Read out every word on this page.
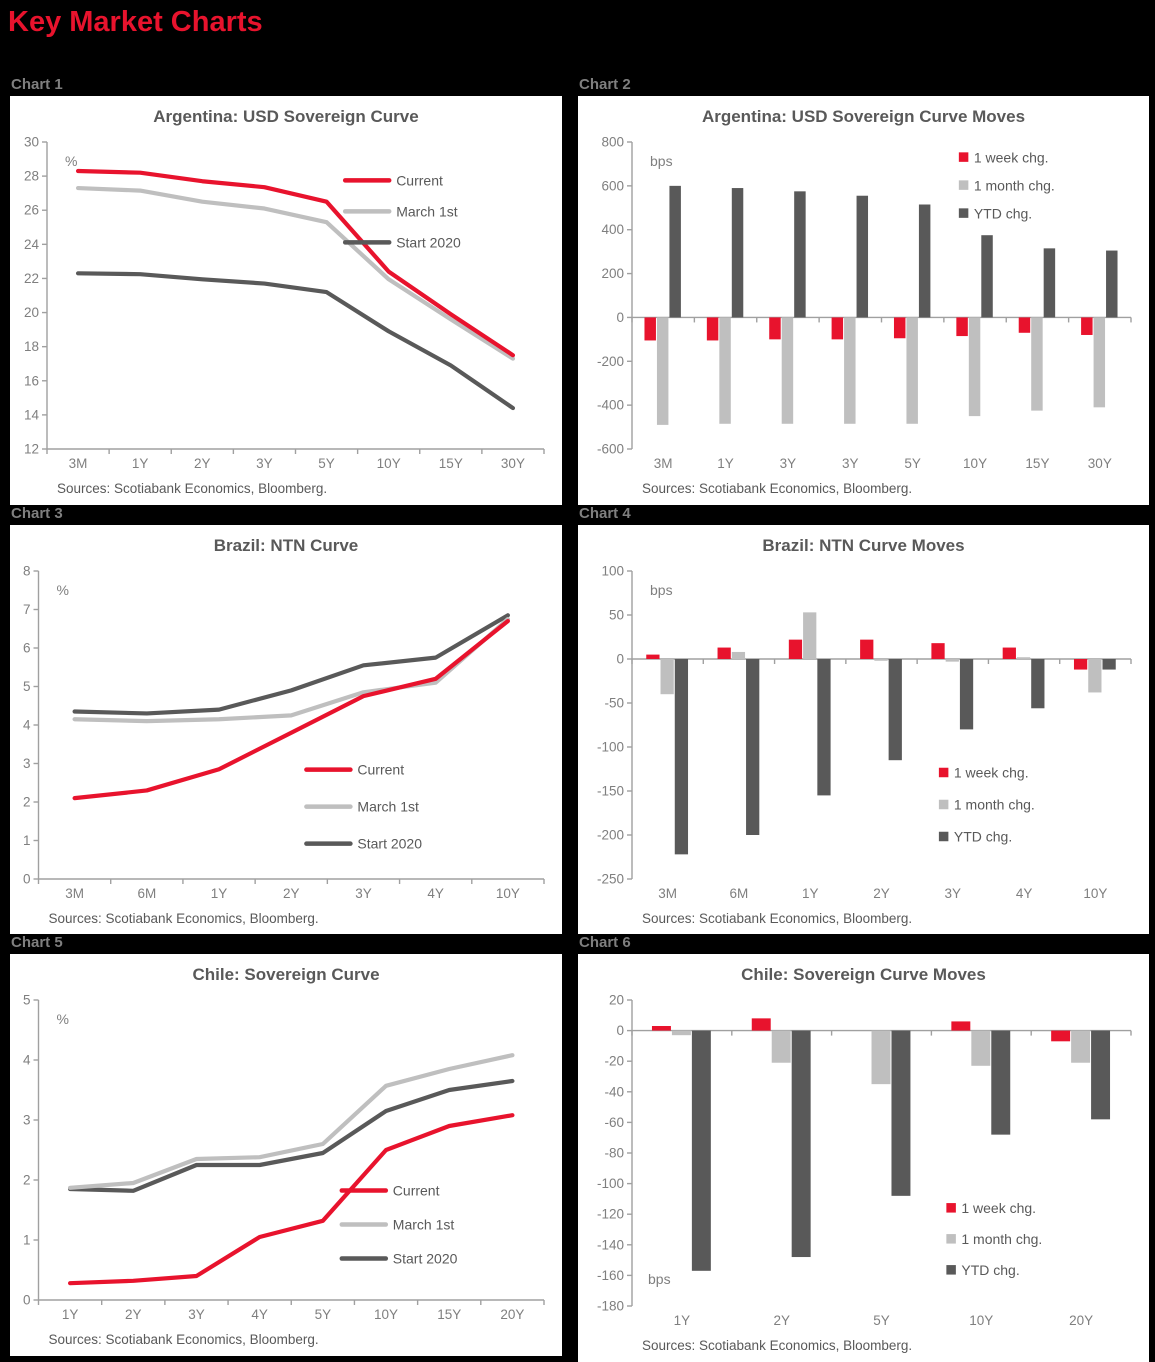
Key Market Charts
Chart 1
Argentina: USD Sovereign Curve
12
14
16
18
20
22
24
26
28
30
3M	1Y	2Y	3Y	5Y	10Y	15Y	30Y
%
Current
March 1st
Start 2020
Sources: Scotiabank Economics, Bloomberg.
Chart 2
Argentina: USD Sovereign Curve Moves
-600
-400
-200
0
200
400
600
800
3M	1Y	3Y	3Y	5Y	10Y	15Y	30Y
bps	1 week chg.
1 month chg.
YTD chg.
Sources: Scotiabank Economics, Bloomberg.
Chart 3
Brazil: NTN Curve
0
1
2
3
4
5
6
7
8
3M	6M	1Y	2Y	3Y	4Y	10Y
%
Current
March 1st
Start 2020
Sources: Scotiabank Economics, Bloomberg.
Chart 4
Brazil: NTN Curve Moves
-250
-200
-150
-100
-50
0
50
100
3M	6M	1Y	2Y	3Y	4Y	10Y
bps
1 week chg.
1 month chg.
YTD chg.
Sources: Scotiabank Economics, Bloomberg.
Chart 5
Chile: Sovereign Curve
0
1
2
3
4
5
1Y	2Y	3Y	4Y	5Y	10Y	15Y	20Y
%
Current
March 1st
Start 2020
Sources: Scotiabank Economics, Bloomberg.
Chart 6
Chile: Sovereign Curve Moves
-180
-160
-140
-120
-100
-80
-60
-40
-20
0
20
1Y	2Y	5Y	10Y	20Y
bps
1 week chg.
1 month chg.
YTD chg.
Sources: Scotiabank Economics, Bloomberg.
